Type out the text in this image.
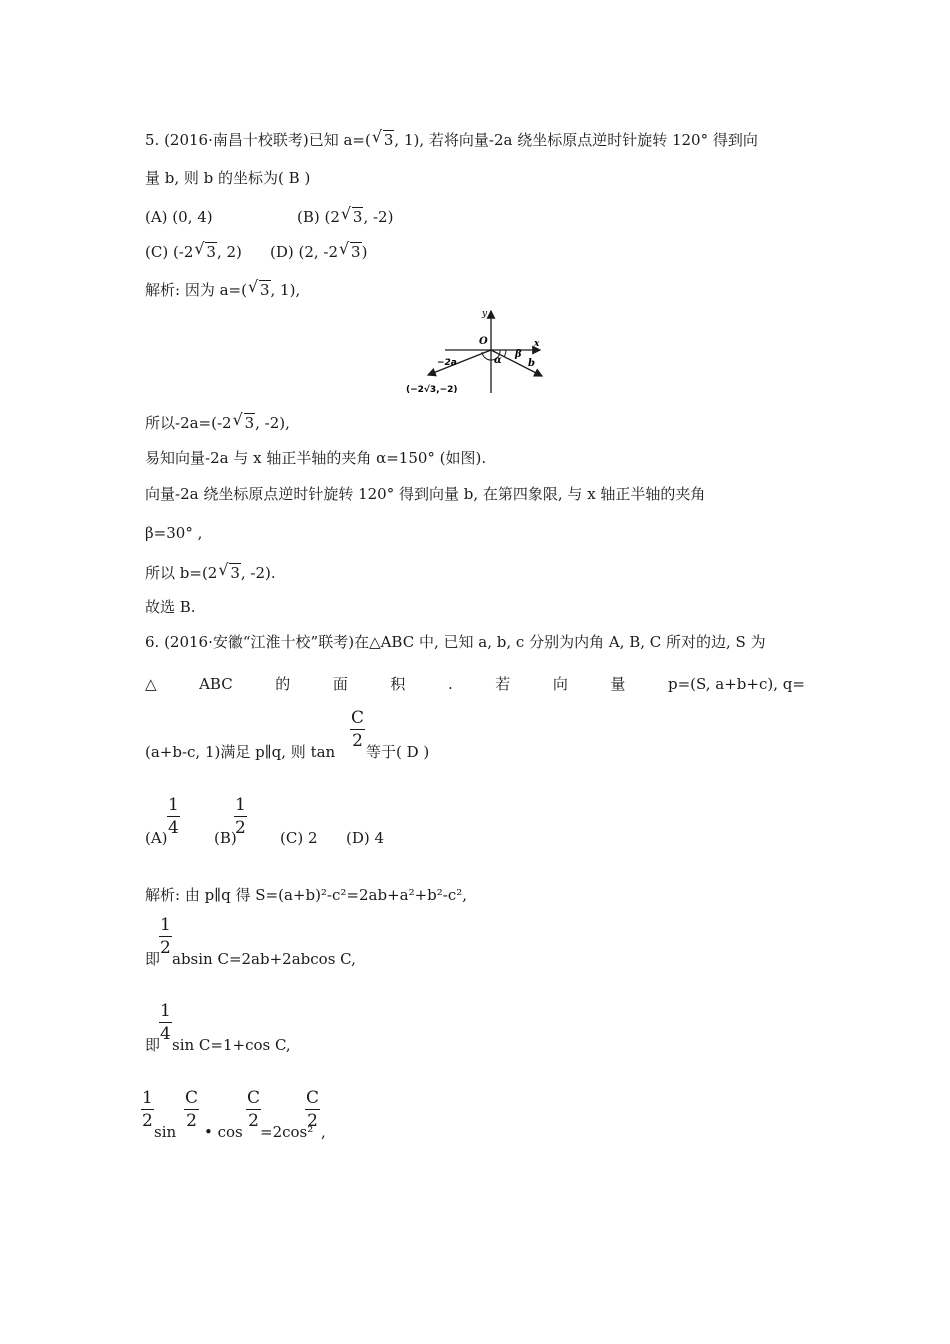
5. (2016·南昌十校联考)已知 a=( √ 3, 1), 若将向量-2a 绕坐标原点逆时针旋转 120° 得到向
量 b, 则 b 的坐标为( B )
(A) (0, 4)	(B) (2 √ 3, -2)
(C) (-2 √ 3, 2) (D) (2, -2 √ 3)
解析: 因为 a=( √ 3, 1),
y
O	x
−2a	α
β
b
(−2√3,−2)
所以-2a=(-2 √ 3, -2),
易知向量-2a 与 x 轴正半轴的夹角 α=150° (如图).
向量-2a 绕坐标原点逆时针旋转 120° 得到向量 b, 在第四象限, 与 x 轴正半轴的夹角
β=30° ,
所以 b=(2 √ 3, -2).
故选 B.
6. (2016·安徽“江淮十校”联考)在△ABC 中, 已知 a, b, c 分别为内角 A, B, C 所对的边, S 为
△	ABC	的	面	积	.	若	向	量	p=(S, a+b+c), q=
(a+b-c, 1)满足 p∥q, 则 $\tan \frac{C}{2}$ 等于( D )
$(A) \frac{1}{4} (B)$
$\frac{1}{2} (C)$ 2 (D) 4
解析: 由 p∥q 得 S=(a+b)²-c²=2ab+a²+b²-c²,
即
$\frac{1}{2}$ absin C=2ab+2abcos C,
即
$\frac{1}{4}$ sin C=1+cos C,
$\frac{1}{2}$ $\sin \frac{C}{2}$ • $\cos \frac{C}{2}$
=2cos²
$\frac{C}{2}$ ,
